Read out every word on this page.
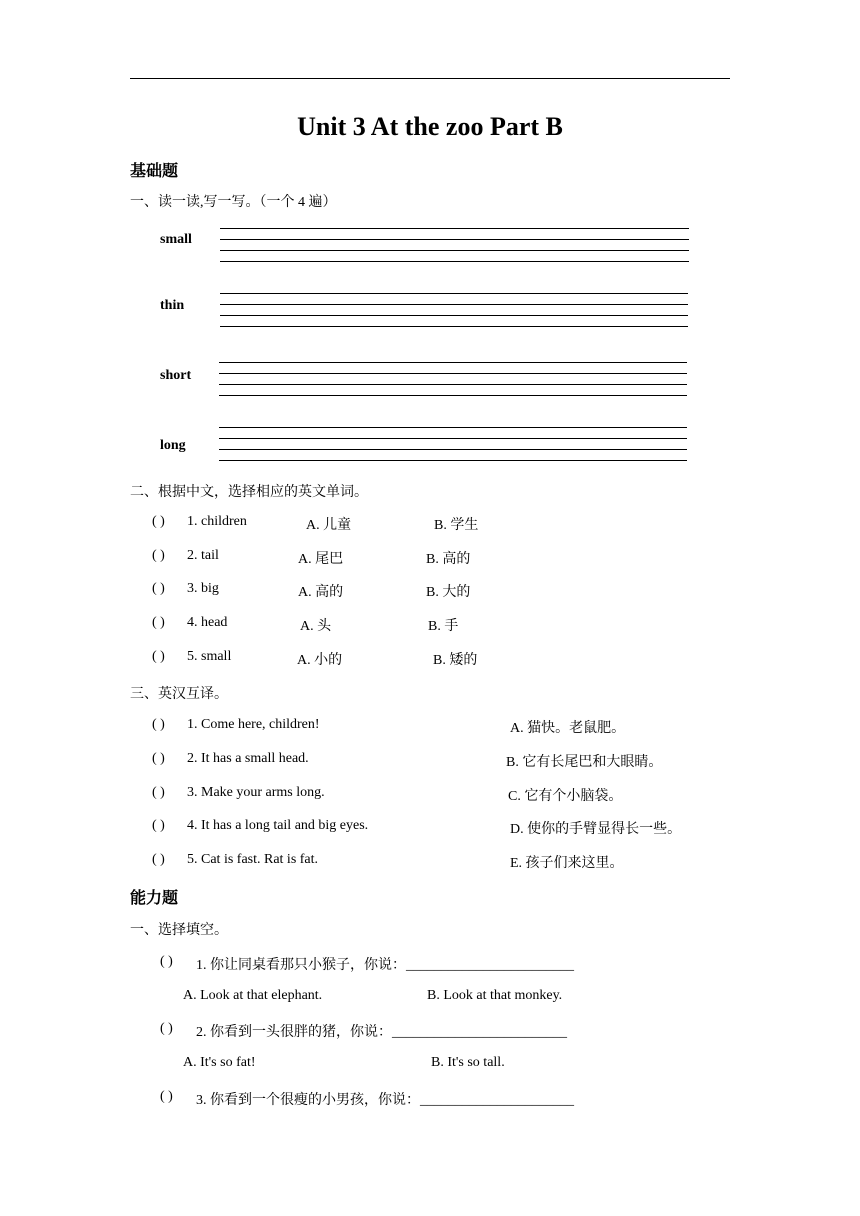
Unit 3 At the zoo Part B
基础题
一、读一读,写一写。（一个 4 遍）
small
thin
short
long
二、根据中文，选择相应的英文单词。
( ) 1. children	A. 儿童	B. 学生
( ) 2. tail	A. 尾巴	B. 高的
( ) 3. big	A. 高的	B. 大的
( ) 4. head	A. 头	B. 手
( ) 5. small	A. 小的	B. 矮的
三、英汉互译。
( ) 1. Come here, children!	A. 猫快。老鼠肥。
( ) 2. It has a small head.	B. 它有长尾巴和大眼睛。
( ) 3. Make your arms long.	C. 它有个小脑袋。
( ) 4. It has a long tail and big eyes.	D. 使你的手臂显得长一些。
( ) 5. Cat is fast. Rat is fat.	E. 孩子们来这里。
能力题
一、选择填空。
( ) 1. 你让同桌看那只小猴子，你说：________________________
A. Look at that elephant.	B. Look at that monkey.
( ) 2. 你看到一头很胖的猪，你说：_________________________
A. It's so fat!	B. It's so tall.
( ) 3. 你看到一个很瘦的小男孩，你说：______________________
